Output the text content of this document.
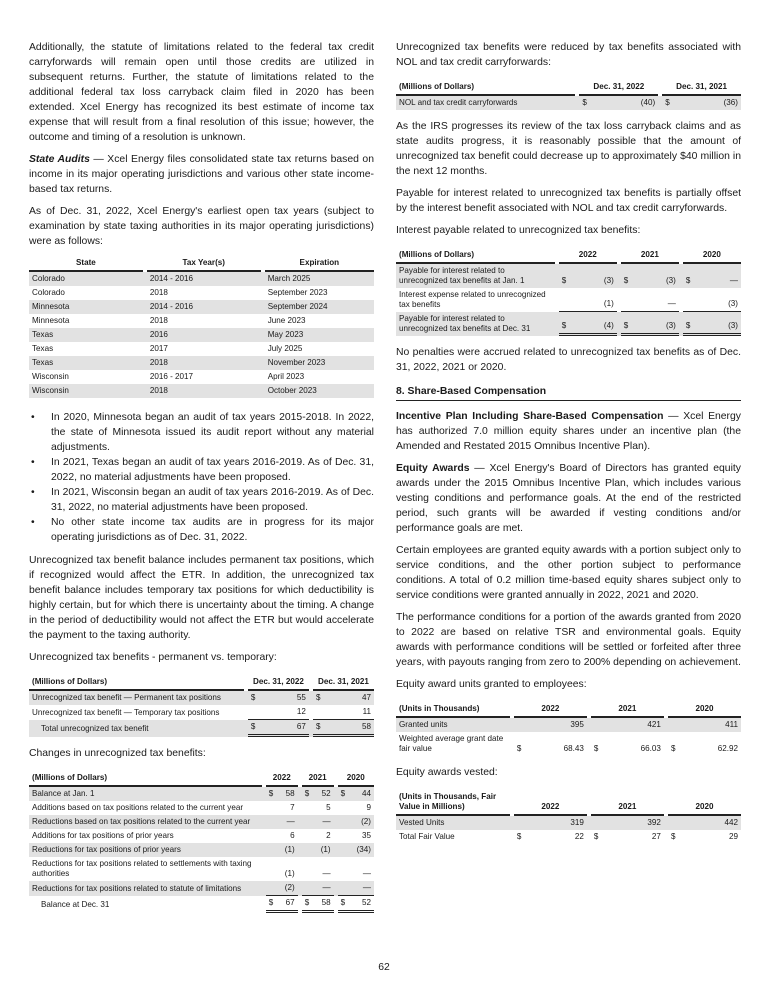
Additionally, the statute of limitations related to the federal tax credit carryforwards will remain open until those credits are utilized in subsequent returns. Further, the statute of limitations related to the additional federal tax loss carryback claim filed in 2020 has been extended. Xcel Energy has recognized its best estimate of income tax expense that will result from a final resolution of this issue; however, the outcome and timing of a resolution is unknown.

State Audits — Xcel Energy files consolidated state tax returns based on income in its major operating jurisdictions and various other state income-based tax returns.

As of Dec. 31, 2022, Xcel Energy's earliest open tax years (subject to examination by state taxing authorities in its major operating jurisdictions) were as follows:

State		Tax Year(s)		Expiration
Colorado		2014 - 2016		March 2025
Colorado		2018		September 2023
Minnesota		2014 - 2016		September 2024
Minnesota		2018		June 2023
Texas		2016		May 2023
Texas		2017		July 2025
Texas		2018		November 2023
Wisconsin		2016 - 2017		April 2023
Wisconsin		2018		October 2023
• In 2020, Minnesota began an audit of tax years 2015-2018. In 2022, the state of Minnesota issued its audit report without any material adjustments.
• In 2021, Texas began an audit of tax years 2016-2019. As of Dec. 31, 2022, no material adjustments have been proposed.
• In 2021, Wisconsin began an audit of tax years 2016-2019. As of Dec. 31, 2022, no material adjustments have been proposed.
• No other state income tax audits are in progress for its major operating jurisdictions as of Dec. 31, 2022.

Unrecognized tax benefit balance includes permanent tax positions, which if recognized would affect the ETR. In addition, the unrecognized tax benefit balance includes temporary tax positions for which deductibility is highly certain, but for which there is uncertainty about the timing. A change in the period of deductibility would not affect the ETR but would accelerate the payment to the taxing authority.

Unrecognized tax benefits - permanent vs. temporary:

(Millions of Dollars)		Dec. 31, 2022			Dec. 31, 2021	
Unrecognized tax benefit — Permanent tax positions		$	55		$	47
Unrecognized tax benefit — Temporary tax positions			12			11
Total unrecognized tax benefit		$	67		$	58

Changes in unrecognized tax benefits:

(Millions of Dollars)		2022			2021			2020	
Balance at Jan. 1		$	58		$	52		$	44
Additions based on tax positions related to the current year			7			5			9
Reductions based on tax positions related to the current year			—			—			(2)
Additions for tax positions of prior years			6			2			35
Reductions for tax positions of prior years			(1)			(1)			(34)
Reductions for tax positions related to settlements with taxing authorities			(1)			—			—
Reductions for tax positions related to statute of limitations			(2)			—			—
Balance at Dec. 31		$	67		$	58		$	52

Unrecognized tax benefits were reduced by tax benefits associated with NOL and tax credit carryforwards:

(Millions of Dollars)		Dec. 31, 2022			Dec. 31, 2021	
NOL and tax credit carryforwards		$	(40)		$	(36)

As the IRS progresses its review of the tax loss carryback claims and as state audits progress, it is reasonably possible that the amount of unrecognized tax benefit could decrease up to approximately $40 million in the next 12 months.

Payable for interest related to unrecognized tax benefits is partially offset by the interest benefit associated with NOL and tax credit carryforwards.

Interest payable related to unrecognized tax benefits:

(Millions of Dollars)		2022			2021			2020	
Payable for interest related to unrecognized tax benefits at Jan. 1		$	(3)		$	(3)		$	—
Interest expense related to unrecognized tax benefits			(1)			—			(3)
Payable for interest related to unrecognized tax benefits at Dec. 31		$	(4)		$	(3)		$	(3)

No penalties were accrued related to unrecognized tax benefits as of Dec. 31, 2022, 2021 or 2020.

8. Share-Based Compensation

Incentive Plan Including Share-Based Compensation — Xcel Energy has authorized 7.0 million equity shares under an incentive plan (the Amended and Restated 2015 Omnibus Incentive Plan).

Equity Awards — Xcel Energy's Board of Directors has granted equity awards under the 2015 Omnibus Incentive Plan, which includes various vesting conditions and performance goals. At the end of the restricted period, such grants will be awarded if vesting conditions and/or performance goals are met.

Certain employees are granted equity awards with a portion subject only to service conditions, and the other portion subject to performance conditions. A total of 0.2 million time-based equity shares subject only to service conditions were granted annually in 2022, 2021 and 2020.

The performance conditions for a portion of the awards granted from 2020 to 2022 are based on relative TSR and environmental goals. Equity awards with performance conditions will be settled or forfeited after three years, with payouts ranging from zero to 200% depending on achievement.

Equity award units granted to employees:

(Units in Thousands)		2022			2021			2020	
Granted units			395			421			411
Weighted average grant date fair value		$	68.43		$	66.03		$	62.92

Equity awards vested:

(Units in Thousands, Fair Value in Millions)		2022			2021			2020	
Vested Units			319			392			442
Total Fair Value		$	22		$	27		$	29
62
